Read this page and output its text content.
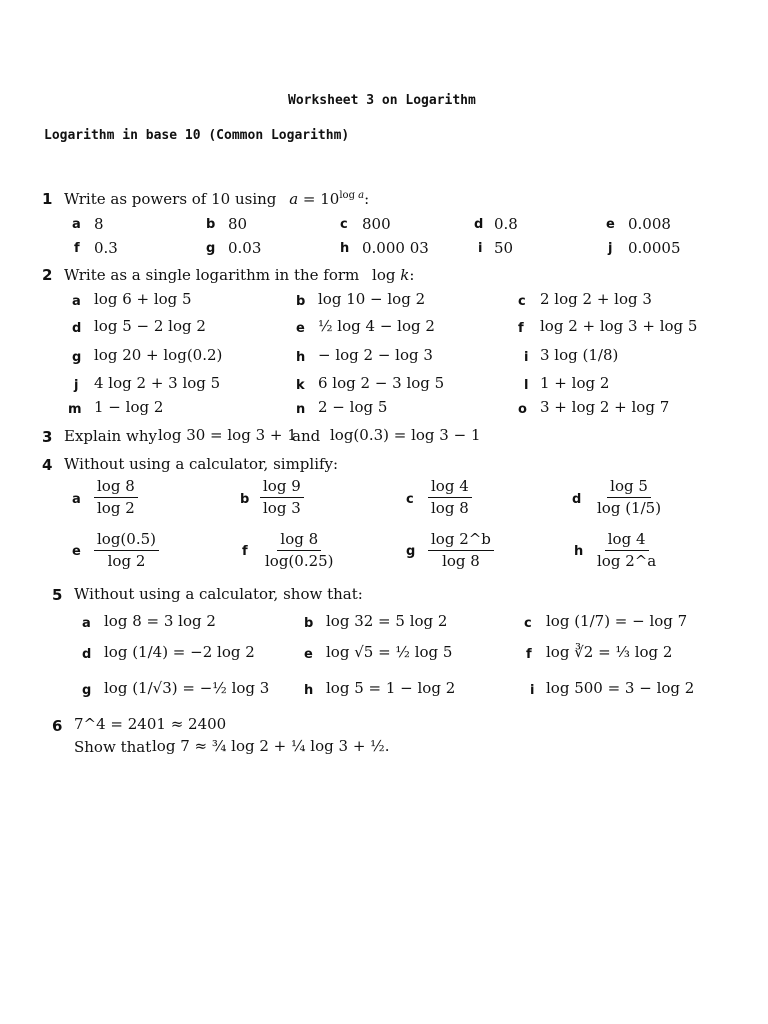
Worksheet 3 on Logarithm
Logarithm in base 10 (Common Logarithm)
1 Write as powers of 10 using $a = 10^{log a}$:
a 8	b 80	c 800	d 0.8	e 0.008
f 0.3	g 0.03	h 0.000 03	i 50	j 0.0005
2 Write as a single logarithm in the form log k:
a log 6 + log 5	b log 10 − log 2	c 2 log 2 + log 3
d log 5 − 2 log 2	e ½ log 4 − log 2	f log 2 + log 3 + log 5
g log 20 + log(0.2)	h − log 2 − log 3	i 3 log (1/8)
j 4 log 2 + 3 log 5	k 6 log 2 − 3 log 5	l 1 + log 2
m 1 − log 2	n 2 − log 5	o 3 + log 2 + log 7
3 Explain why log 30 = log 3 + 1
and log(0.3) = log 3 − 1
4 Without using a calculator, simplify:
a $\frac{\log 8}{\log 2}$	b $\frac{\log 9}{\log 3}$	c $\frac{\log 4}{\log 8}$	d $\frac{\log 5}{\log (1/5)}$
e $\frac{\log(0.5)}{\log 2}$	f $\frac{\log 8}{\log(0.25)}$	g $\frac{\log 2\^{}b}{\log 8}$	h $\frac{\log 4}{\log 2\^{}a}$
5 Without using a calculator, show that:
a log 8 = 3 log 2	b log 32 = 5 log 2	c log (1/7) = − log 7
d log (1/4) = −2 log 2	e log √5 = ½ log 5	f log ∛2 = ⅓ log 2
g log (1/√3) = −½ log 3	h log 5 = 1 − log 2	i log 500 = 3 − log 2
6 7^4 = 2401 ≈ 2400
Show that log 7 ≈ ¾ log 2 + ¼ log 3 + ½.
